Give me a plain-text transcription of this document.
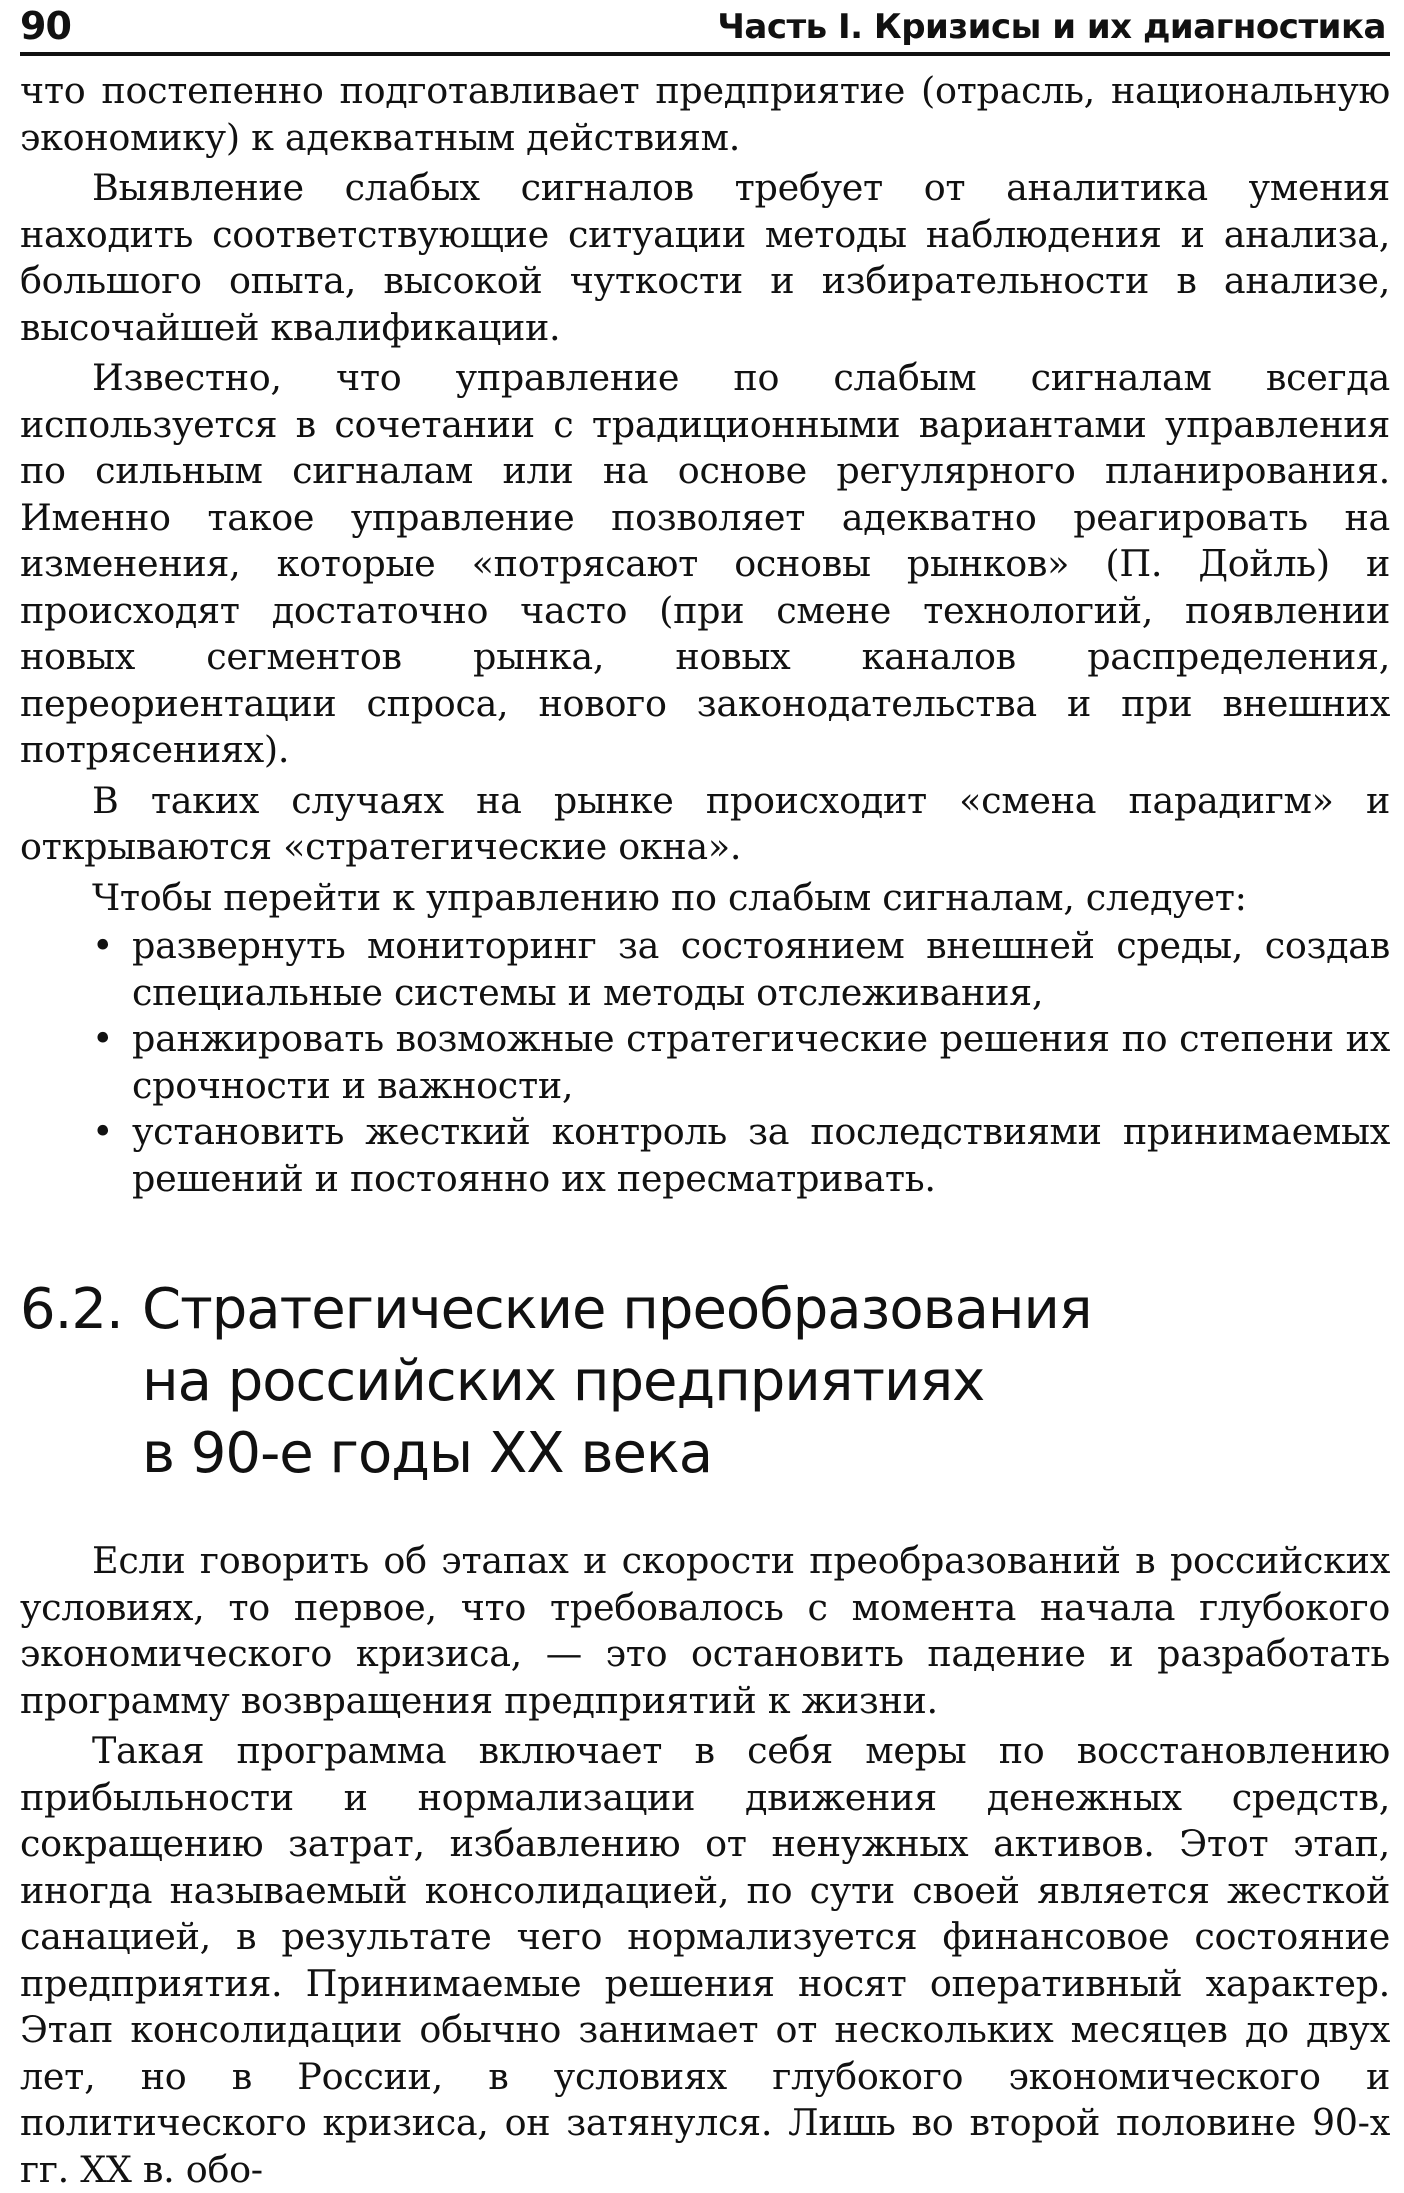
90	Часть I. Кризисы и их диагностика

что постепенно подготавливает предприятие (отрасль, национальную экономику) к адекватным действиям.

Выявление слабых сигналов требует от аналитика умения находить соответствующие ситуации методы наблюдения и анализа, большого опыта, высокой чуткости и избирательности в анализе, высочайшей квалификации.

Известно, что управление по слабым сигналам всегда используется в сочетании с традиционными вариантами управления по сильным сигналам или на основе регулярного планирования. Именно такое управление позволяет адекватно реагировать на изменения, которые «потрясают основы рынков» (П. Дойль) и происходят достаточно часто (при смене технологий, появлении новых сегментов рынка, новых каналов распределения, переориентации спроса, нового законодательства и при внешних потрясениях).

В таких случаях на рынке происходит «смена парадигм» и открываются «стратегические окна».

Чтобы перейти к управлению по слабым сигналам, следует:

• развернуть мониторинг за состоянием внешней среды, создав специальные системы и методы отслеживания,
• ранжировать возможные стратегические решения по степени их срочности и важности,
• установить жесткий контроль за последствиями принимаемых решений и постоянно их пересматривать.
6.2. Стратегические преобразования
на российских предприятиях
в 90-е годы XX века

Если говорить об этапах и скорости преобразований в российских условиях, то первое, что требовалось с момента начала глубокого экономического кризиса, — это остановить падение и разработать программу возвращения предприятий к жизни.

Такая программа включает в себя меры по восстановлению прибыльности и нормализации движения денежных средств, сокращению затрат, избавлению от ненужных активов. Этот этап, иногда называемый консолидацией, по сути своей является жесткой санацией, в результате чего нормализуется финансовое состояние предприятия. Принимаемые решения носят оперативный характер. Этап консолидации обычно занимает от нескольких месяцев до двух лет, но в России, в условиях глубокого экономического и политического кризиса, он затянулся. Лишь во второй половине 90-х гг. XX в. обо-
